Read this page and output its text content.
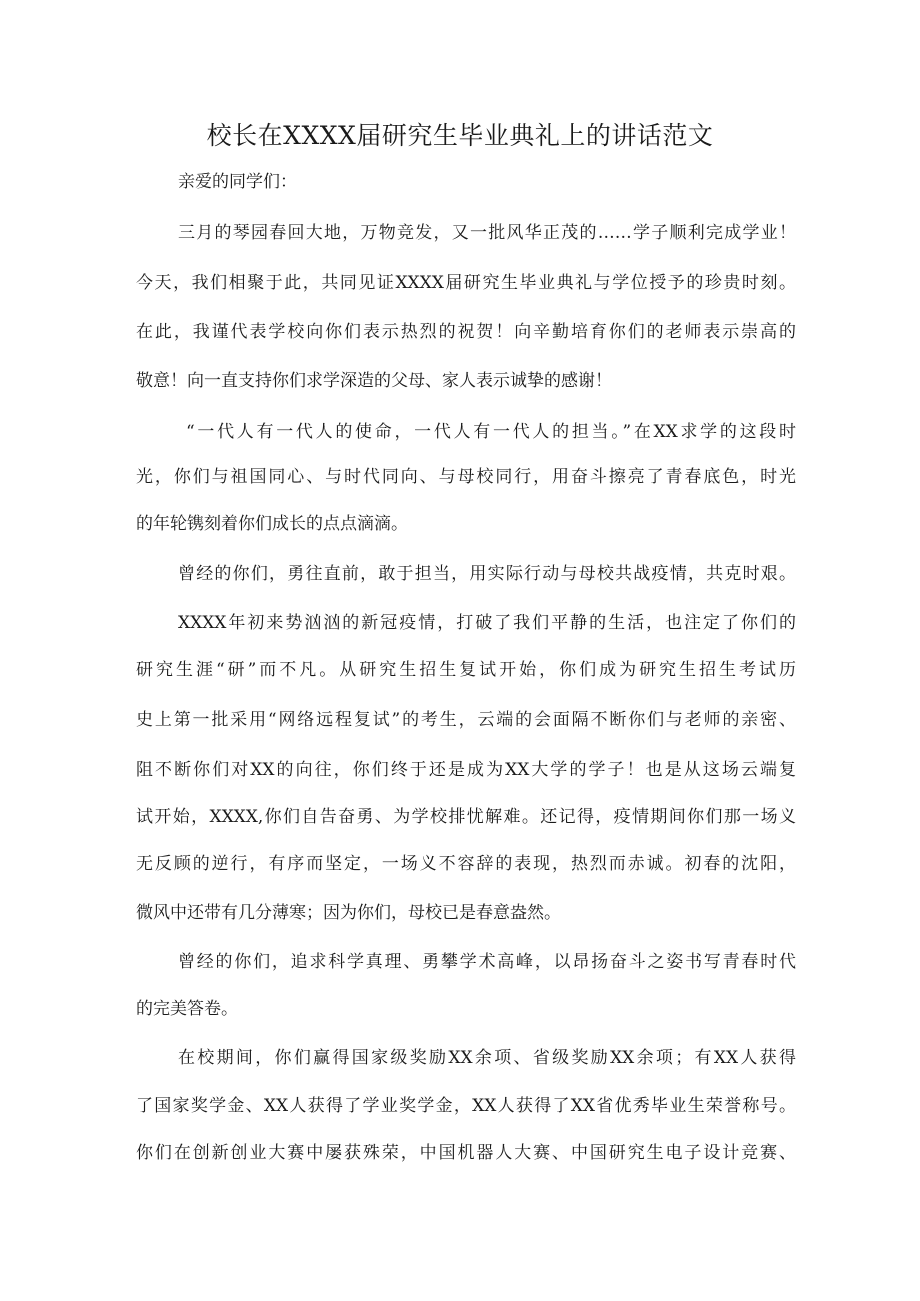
校长在XXXX届研究生毕业典礼上的讲话范文
亲爱的同学们：
三月的琴园春回大地，万物竞发，又一批风华正茂的……学子顺利完成学业！
今天，我们相聚于此，共同见证XXXX届研究生毕业典礼与学位授予的珍贵时刻。
在此，我谨代表学校向你们表示热烈的祝贺！向辛勤培育你们的老师表示崇高的
敬意！向一直支持你们求学深造的父母、家人表示诚挚的感谢！
“一代人有一代人的使命，一代人有一代人的担当。”在XX求学的这段时
光，你们与祖国同心、与时代同向、与母校同行，用奋斗擦亮了青春底色，时光
的年轮镌刻着你们成长的点点滴滴。
曾经的你们，勇往直前，敢于担当，用实际行动与母校共战疫情，共克时艰。
XXXX年初来势汹汹的新冠疫情，打破了我们平静的生活，也注定了你们的
研究生涯“研”而不凡。从研究生招生复试开始，你们成为研究生招生考试历
史上第一批采用“网络远程复试”的考生，云端的会面隔不断你们与老师的亲密、
阻不断你们对XX的向往，你们终于还是成为XX大学的学子！也是从这场云端复
试开始，XXXX,你们自告奋勇、为学校排忧解难。还记得，疫情期间你们那一场义
无反顾的逆行，有序而坚定，一场义不容辞的表现，热烈而赤诚。初春的沈阳，
微风中还带有几分薄寒；因为你们，母校已是春意盎然。
曾经的你们，追求科学真理、勇攀学术高峰，以昂扬奋斗之姿书写青春时代
的完美答卷。
在校期间，你们赢得国家级奖励XX余项、省级奖励XX余项；有XX人获得
了国家奖学金、XX人获得了学业奖学金，XX人获得了XX省优秀毕业生荣誉称号。
你们在创新创业大赛中屡获殊荣，中国机器人大赛、中国研究生电子设计竞赛、
